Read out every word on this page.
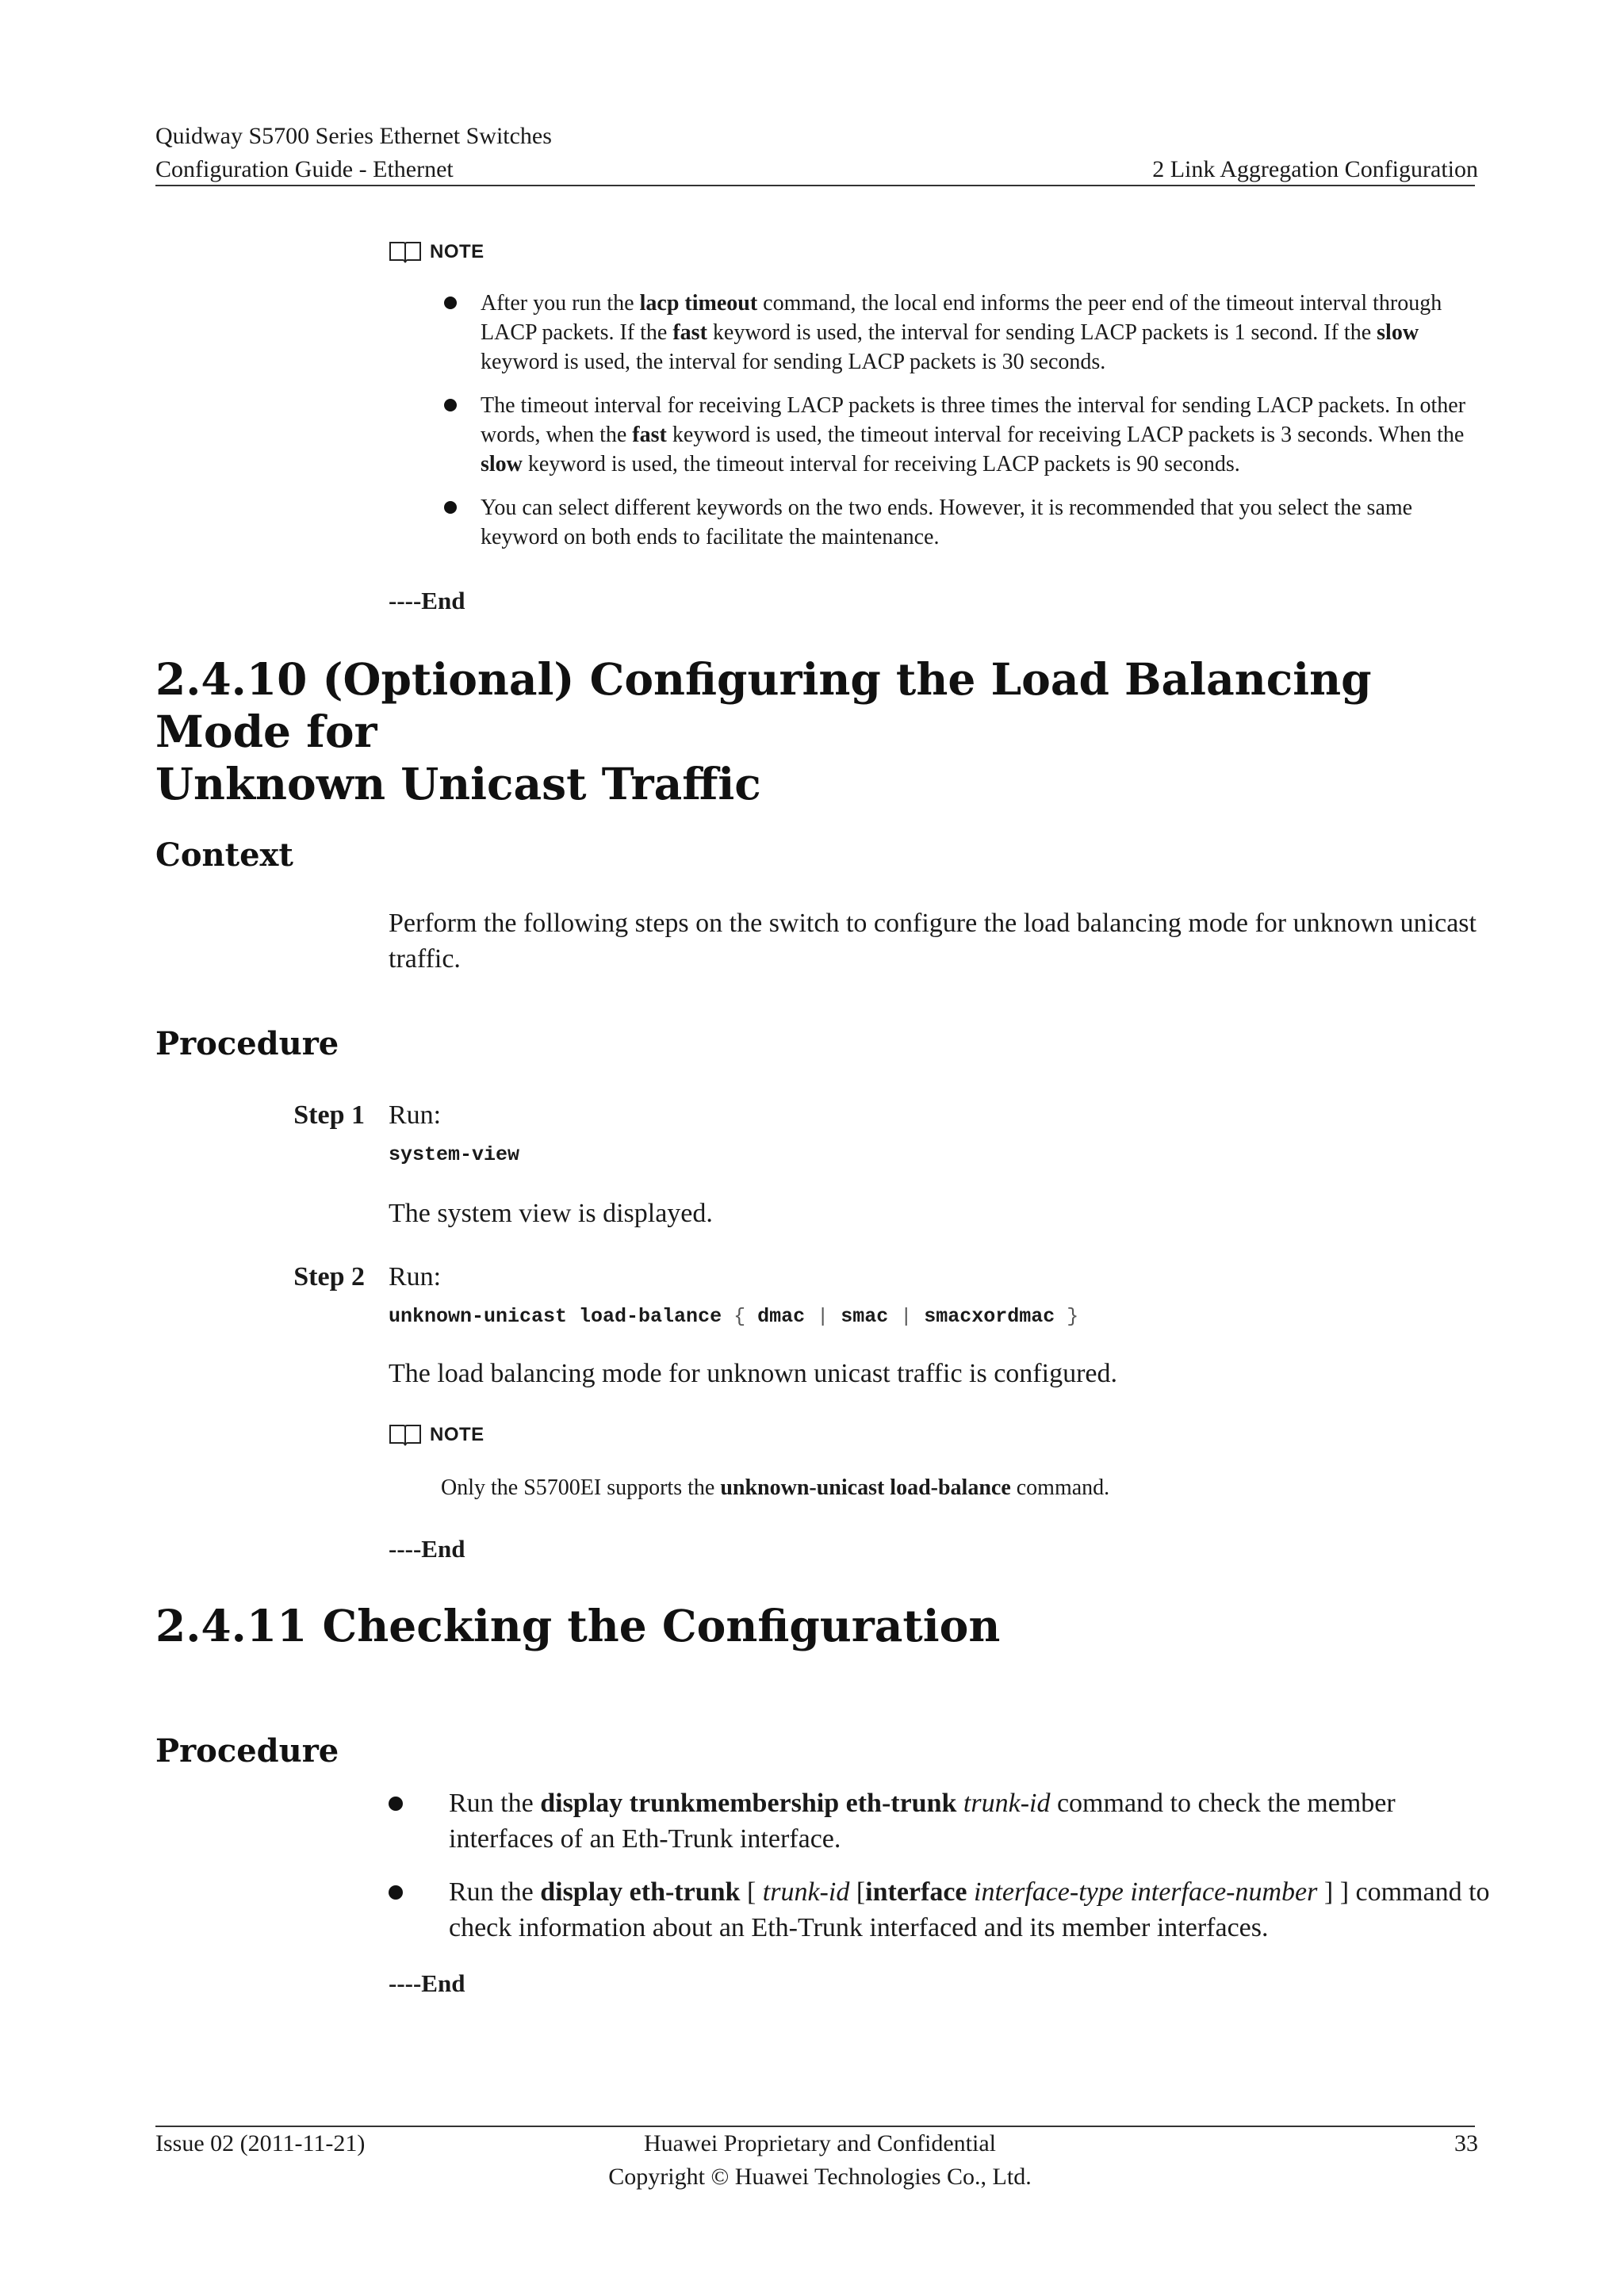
Quidway S5700 Series Ethernet Switches
Configuration Guide - Ethernet	2 Link Aggregation Configuration
NOTE
After you run the lacp timeout command, the local end informs the peer end of the timeout interval through LACP packets. If the fast keyword is used, the interval for sending LACP packets is 1 second. If the slow keyword is used, the interval for sending LACP packets is 30 seconds.
The timeout interval for receiving LACP packets is three times the interval for sending LACP packets. In other words, when the fast keyword is used, the timeout interval for receiving LACP packets is 3 seconds. When the slow keyword is used, the timeout interval for receiving LACP packets is 90 seconds.
You can select different keywords on the two ends. However, it is recommended that you select the same keyword on both ends to facilitate the maintenance.
----End
2.4.10 (Optional) Configuring the Load Balancing Mode for
Unknown Unicast Traffic
Context
Perform the following steps on the switch to configure the load balancing mode for unknown unicast traffic.
Procedure
Step 1 Run:
system-view
The system view is displayed.
Step 2 Run:
unknown-unicast load-balance { dmac | smac | smacxordmac }
The load balancing mode for unknown unicast traffic is configured.
NOTE
Only the S5700EI supports the unknown-unicast load-balance command.
----End
2.4.11 Checking the Configuration
Procedure
Run the display trunkmembership eth-trunk trunk-id command to check the member interfaces of an Eth-Trunk interface.
Run the display eth-trunk [ trunk-id [interface interface-type interface-number ] ] command to check information about an Eth-Trunk interfaced and its member interfaces.
----End
Issue 02 (2011-11-21)	Huawei Proprietary and Confidential
Copyright © Huawei Technologies Co., Ltd.
33
